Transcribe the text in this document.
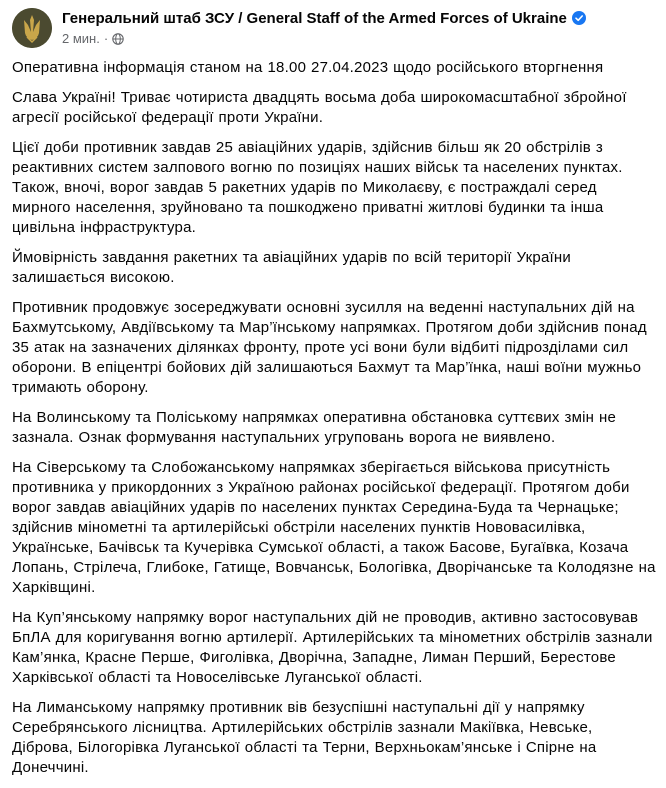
Генеральний штаб ЗСУ / General Staff of the Armed Forces of Ukraine
2 мин. ·

Оперативна інформація станом на 18.00 27.04.2023 щодо російського вторгнення

Слава Україні! Триває чотириста двадцять восьма доба широкомасштабної збройної агресії російської федерації проти України.

Цієї доби противник завдав 25 авіаційних ударів, здійснив більш як 20 обстрілів з реактивних систем залпового вогню по позиціях наших військ та населених пунктах. Також, вночі, ворог завдав 5 ракетних ударів по Миколаєву, є постраждалі серед мирного населення, зруйновано та пошкоджено приватні житлові будинки та інша цивільна інфраструктура.

Ймовірність завдання ракетних та авіаційних ударів по всій території України залишається високою.

Противник продовжує зосереджувати основні зусилля на веденні наступальних дій на Бахмутському, Авдіївському та Мар’їнському напрямках. Протягом доби здійснив понад 35 атак на зазначених ділянках фронту, проте усі вони були відбиті підрозділами сил оборони. В епіцентрі бойових дій залишаються Бахмут та Мар’їнка, наші воїни мужньо тримають оборону.

На Волинському та Поліському напрямках оперативна обстановка суттєвих змін не зазнала. Ознак формування наступальних угруповань ворога не виявлено.

На Сіверському та Слобожанському напрямках зберігається військова присутність противника у прикордонних з Україною районах російської федерації. Протягом доби ворог завдав авіаційних ударів по населених пунктах Середина-Буда та Чернацьке; здійснив мінометні та артилерійські обстріли населених пунктів Нововасилівка, Українське, Бачівськ та Кучерівка Сумської області, а також Басове, Бугаївка, Козача Лопань, Стрілеча, Глибоке, Гатище, Вовчанськ, Бологівка, Дворічанське та Колодязне на Харківщині.

На Куп’янському напрямку ворог наступальних дій не проводив, активно застосовував БпЛА для коригування вогню артилерії. Артилерійських та мінометних обстрілів зазнали Кам’янка, Красне Перше, Фиголівка, Дворічна, Западне, Лиман Перший, Берестове Харківської області та Новоселівське Луганської області.

На Лиманському напрямку противник вів безуспішні наступальні дії у напрямку Серебрянського лісництва. Артилерійських обстрілів зазнали Макіївка, Невське, Діброва, Білогорівка Луганської області та Терни, Верхньокам’янське і Спірне на Донеччині.
